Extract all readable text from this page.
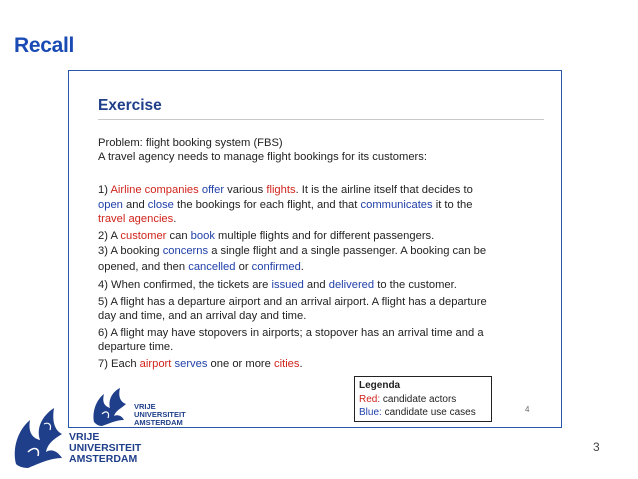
Recall
Exercise
Problem: flight booking system (FBS)
A travel agency needs to manage flight bookings for its customers:
1) Airline companies offer various flights. It is the airline itself that decides to
open and close the bookings for each flight, and that communicates it to the
travel agencies.
2) A customer can book multiple flights and for different passengers.
3) A booking concerns a single flight and a single passenger. A booking can be
opened, and then cancelled or confirmed.
4) When confirmed, the tickets are issued and delivered to the customer.
5) A flight has a departure airport and an arrival airport. A flight has a departure
day and time, and an arrival day and time.
6) A flight may have stopovers in airports; a stopover has an arrival time and a
departure time.
7) Each airport serves one or more cities.
VRIJE
UNIVERSITEIT
AMSTERDAM
Legenda
Red: candidate actors
Blue: candidate use cases	4
VRIJE
UNIVERSITEIT
AMSTERDAM
3
